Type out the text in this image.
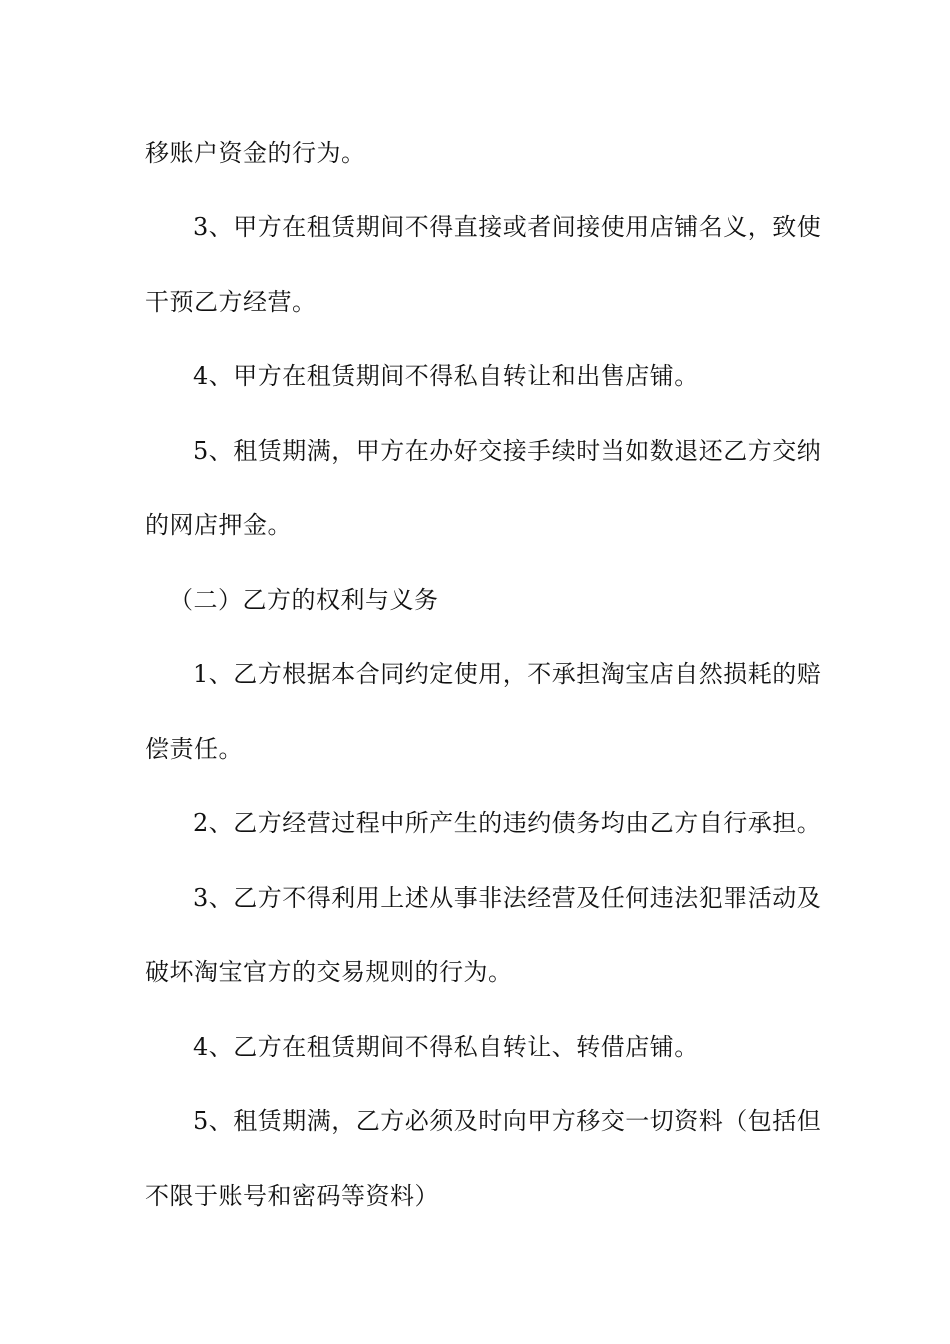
移账户资金的行为。
3、甲方在租赁期间不得直接或者间接使用店铺名义，致使
干预乙方经营。
4、甲方在租赁期间不得私自转让和出售店铺。
5、租赁期满，甲方在办好交接手续时当如数退还乙方交纳
的网店押金。
（二）乙方的权利与义务
1、乙方根据本合同约定使用，不承担淘宝店自然损耗的赔
偿责任。
2、乙方经营过程中所产生的违约债务均由乙方自行承担。
3、乙方不得利用上述从事非法经营及任何违法犯罪活动及
破坏淘宝官方的交易规则的行为。
4、乙方在租赁期间不得私自转让、转借店铺。
5、租赁期满，乙方必须及时向甲方移交一切资料（包括但
不限于账号和密码等资料）
